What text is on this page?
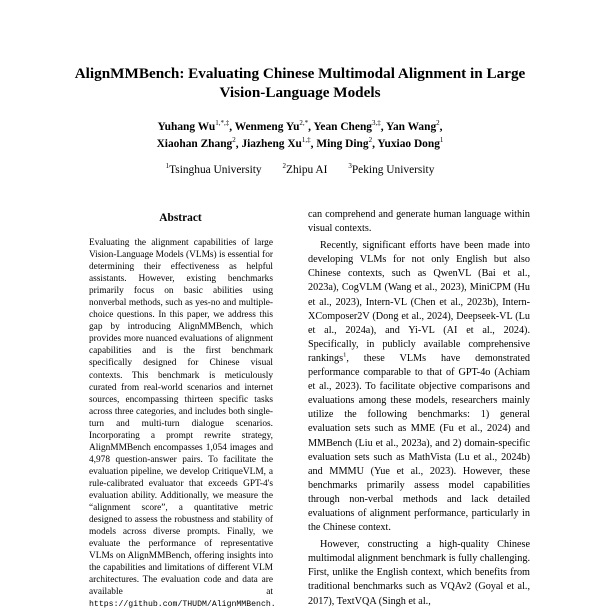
AlignMMBench: Evaluating Chinese Multimodal Alignment in Large Vision-Language Models
Yuhang $Wu^{1,*,\ddagger}$, Wenmeng $Yu^{2,*}$, Yean Cheng$^{3,\ddagger}$, Yan Wang$^2$,
Xiaohan Zhang$^2$, Jiazheng $Xu^{1,\ddagger}$, Ming Ding$^2$, Yuxiao Dong$^1$
$^1$Tsinghua University	$^2$Zhipu AI	$^3$Peking University
Abstract
Evaluating the alignment capabilities of large Vision-Language Models (VLMs) is essential for determining their effectiveness as helpful assistants. However, existing benchmarks primarily focus on basic abilities using nonverbal methods, such as yes-no and multiple-choice questions. In this paper, we address this gap by introducing AlignMMBench, which provides more nuanced evaluations of alignment capabilities and is the first benchmark specifically designed for Chinese visual contexts. This benchmark is meticulously curated from real-world scenarios and internet sources, encompassing thirteen specific tasks across three categories, and includes both single-turn and multi-turn dialogue scenarios. Incorporating a prompt rewrite strategy, AlignMMBench encompasses 1,054 images and 4,978 question-answer pairs. To facilitate the evaluation pipeline, we develop CritiqueVLM, a rule-calibrated evaluator that exceeds GPT-4's evaluation ability. Additionally, we measure the “alignment score”, a quantitative metric designed to assess the robustness and stability of models across diverse prompts. Finally, we evaluate the performance of representative VLMs on AlignMMBench, offering insights into the capabilities and limitations of different VLM architectures. The evaluation code and data are available at https://github.com/THUDM/AlignMMBench.

can comprehend and generate human language within visual contexts.

Recently, significant efforts have been made into developing VLMs for not only English but also Chinese contexts, such as QwenVL (Bai et al., 2023a), CogVLM (Wang et al., 2023), MiniCPM (Hu et al., 2023), Intern-VL (Chen et al., 2023b), Intern-XComposer2V (Dong et al., 2024), Deepseek-VL (Lu et al., 2024a), and Yi-VL (AI et al., 2024). Specifically, in publicly available comprehensive rankings$^1$, these VLMs have demonstrated performance comparable to that of GPT-4o (Achiam et al., 2023). To facilitate objective comparisons and evaluations among these models, researchers mainly utilize the following benchmarks: 1) general evaluation sets such as MME (Fu et al., 2024) and MMBench (Liu et al., 2023a), and 2) domain-specific evaluation sets such as MathVista (Lu et al., 2024b) and MMMU (Yue et al., 2023). However, these benchmarks primarily assess model capabilities through non-verbal methods and lack detailed evaluations of alignment performance, particularly in the Chinese context.

However, constructing a high-quality Chinese multimodal alignment benchmark is fully challenging. First, unlike the English context, which benefits from traditional benchmarks such as VQAv2 (Goyal et al., 2017), TextVQA (Singh et al.,
